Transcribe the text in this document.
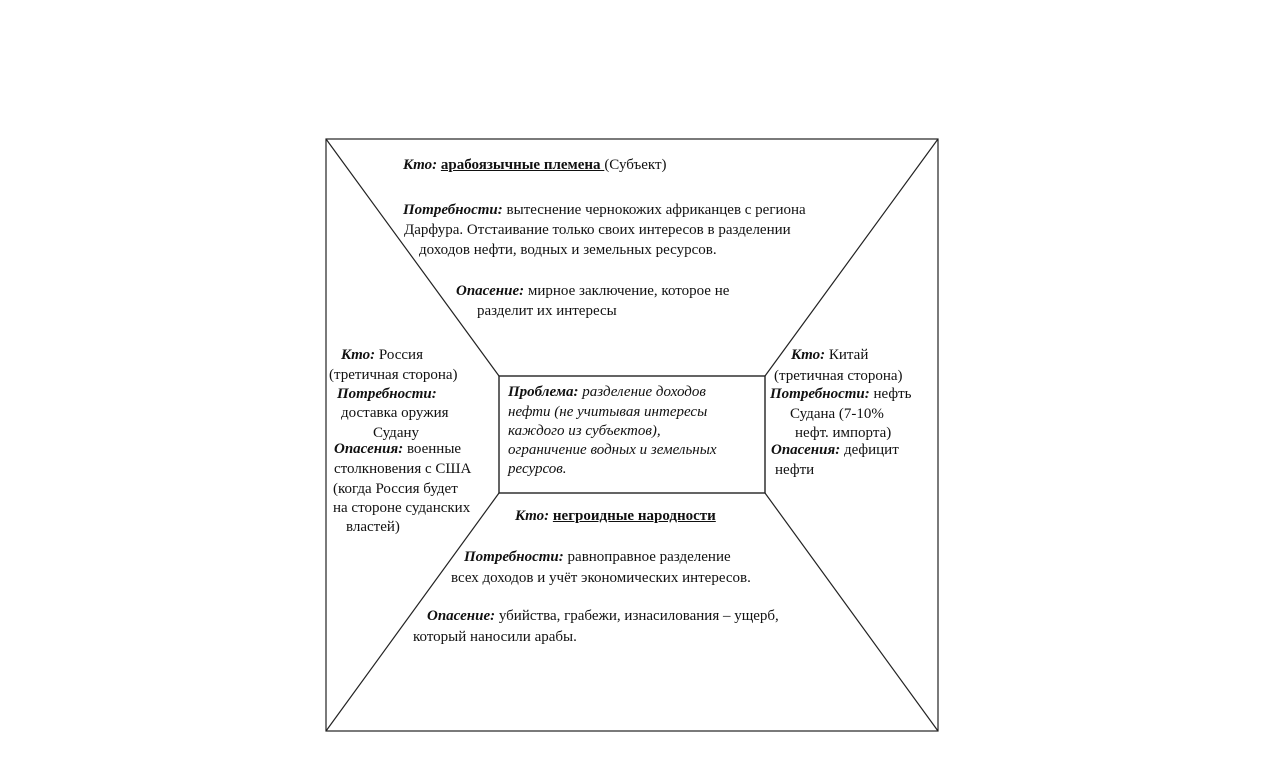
Кто: арабоязычные племена (Субъект)
Потребности: вытеснение чернокожих африканцев с региона
Дарфура. Отстаивание только своих интересов в разделении
доходов нефти, водных и земельных ресурсов.
Опасение: мирное заключение, которое не
разделит их интересы
Кто: Россия
(третичная сторона)
Потребности:
доставка оружия
Судану
Опасения: военные
столкновения с США
(когда Россия будет
на стороне суданских
властей)
Кто: Китай
(третичная сторона)
Потребности: нефть
Судана (7-10%
нефт. импорта)
Опасения: дефицит
нефти
Проблема: разделение доходов
нефти (не учитывая интересы
каждого из субъектов),
ограничение водных и земельных
ресурсов.
Кто: негроидные народности
Потребности: равноправное разделение
всех доходов и учёт экономических интересов.
Опасение: убийства, грабежи, изнасилования – ущерб,
который наносили арабы.
